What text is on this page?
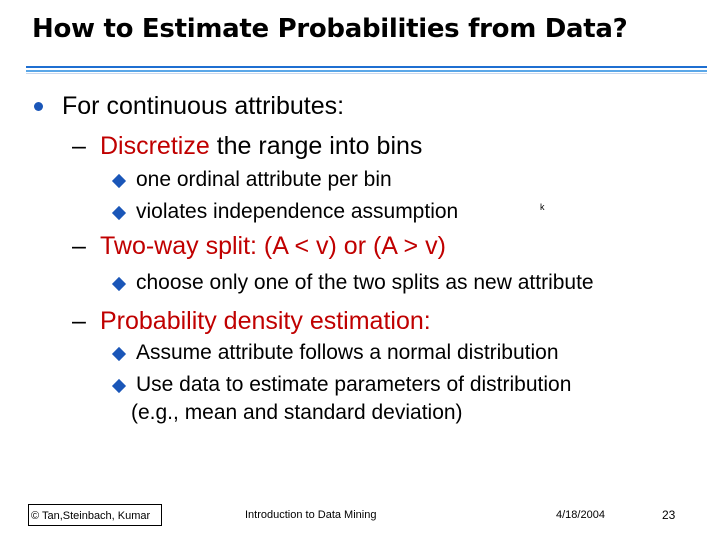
How to Estimate Probabilities from Data?
For continuous attributes:
– Discretize the range into bins
one ordinal attribute per bin
violates independence assumption	k
– Two-way split: (A < v) or (A > v)
choose only one of the two splits as new attribute
– Probability density estimation:
Assume attribute follows a normal distribution
Use data to estimate parameters of distribution
(e.g., mean and standard deviation)
© Tan,Steinbach, Kumar	Introduction to Data Mining	4/18/2004	23
